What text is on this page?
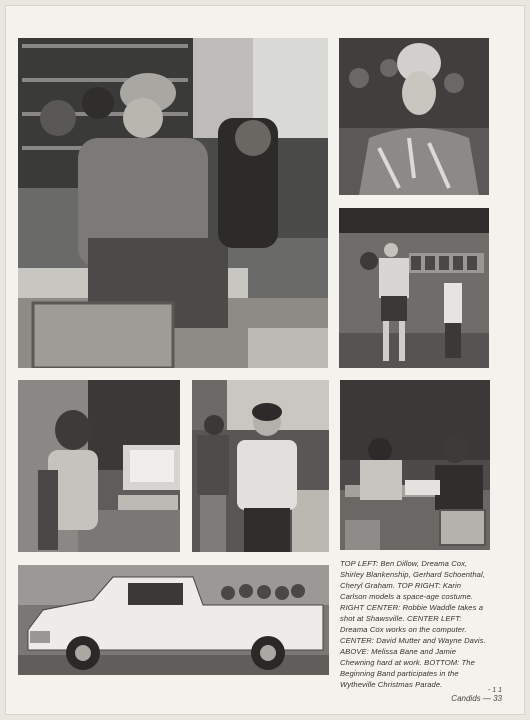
TOP LEFT: Ben Dillow, Dreama Cox, Shirley Blankenship, Gerhard Schoenthal, Cheryl Graham. TOP RIGHT: Karin Carlson models a space-age costume. RIGHT CENTER: Robbie Waddle takes a shot at Shawsville. CENTER LEFT: Dreama Cox works on the computer. CENTER: David Mutter and Wayne Davis. ABOVE: Melissa Bane and Jamie Chewning hard at work. BOTTOM: The Beginning Band participates in the Wytheville Christmas Parade.
- 1 1
Candids — 33
